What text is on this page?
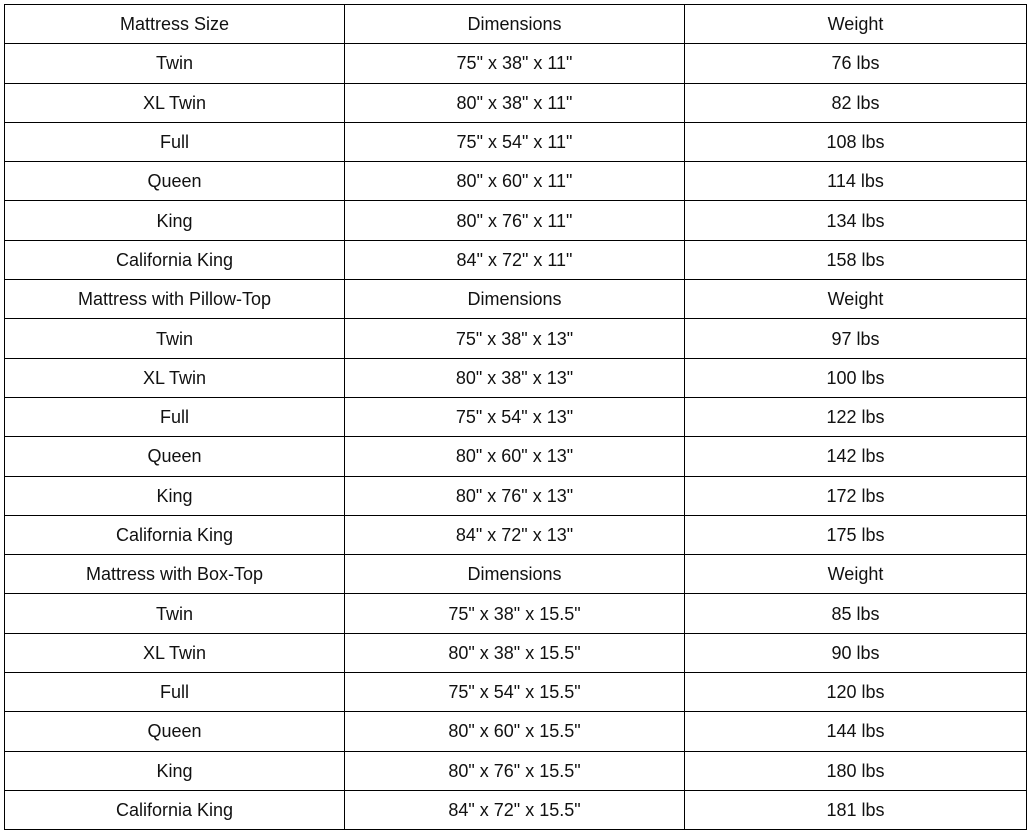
Mattress Size	Dimensions	Weight
Twin	75" x 38" x 11"	76 lbs
XL Twin	80" x 38" x 11"	82 lbs
Full	75" x 54" x 11"	108 lbs
Queen	80" x 60" x 11"	114 lbs
King	80" x 76" x 11"	134 lbs
California King	84" x 72" x 11"	158 lbs
Mattress with Pillow-Top	Dimensions	Weight
Twin	75" x 38" x 13"	97 lbs
XL Twin	80" x 38" x 13"	100 lbs
Full	75" x 54" x 13"	122 lbs
Queen	80" x 60" x 13"	142 lbs
King	80" x 76" x 13"	172 lbs
California King	84" x 72" x 13"	175 lbs
Mattress with Box-Top	Dimensions	Weight
Twin	75" x 38" x 15.5"	85 lbs
XL Twin	80" x 38" x 15.5"	90 lbs
Full	75" x 54" x 15.5"	120 lbs
Queen	80" x 60" x 15.5"	144 lbs
King	80" x 76" x 15.5"	180 lbs
California King	84" x 72" x 15.5"	181 lbs
